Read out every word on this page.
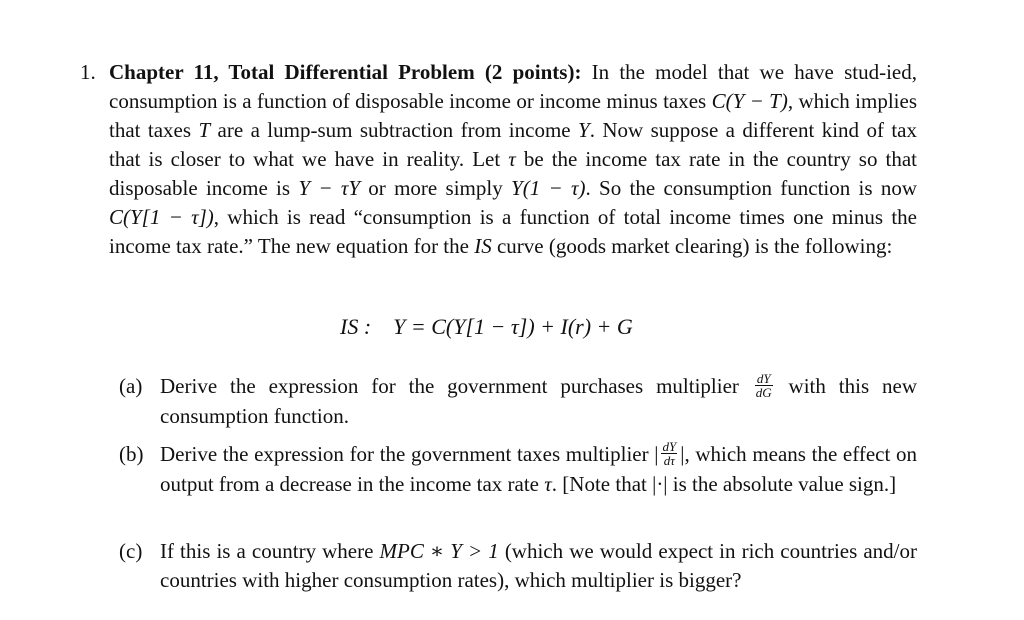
1. Chapter 11, Total Differential Problem (2 points): In the model that we have stud-ied, consumption is a function of disposable income or income minus taxes C(Y − T), which implies that taxes T are a lump-sum subtraction from income Y. Now suppose a different kind of tax that is closer to what we have in reality. Let τ be the income tax rate in the country so that disposable income is Y − τY or more simply Y(1 − τ). So the consumption function is now C(Y[1 − τ]), which is read “consumption is a function of total income times one minus the income tax rate.” The new equation for the IS curve (goods market clearing) is the following:
IS : Y = C(Y[1 − τ]) + I(r) + G
(a) Derive the expression for the government purchases multiplier $\frac{dY}{dG}$ with this new consumption function.
(b) Derive the expression for the government taxes multiplier | $\frac{dY}{d\tau}$ |, which means the effect on output from a decrease in the income tax rate τ. [Note that |·| is the absolute value sign.]
(c) If this is a country where MPC ∗ Y > 1 (which we would expect in rich countries and/or countries with higher consumption rates), which multiplier is bigger?
